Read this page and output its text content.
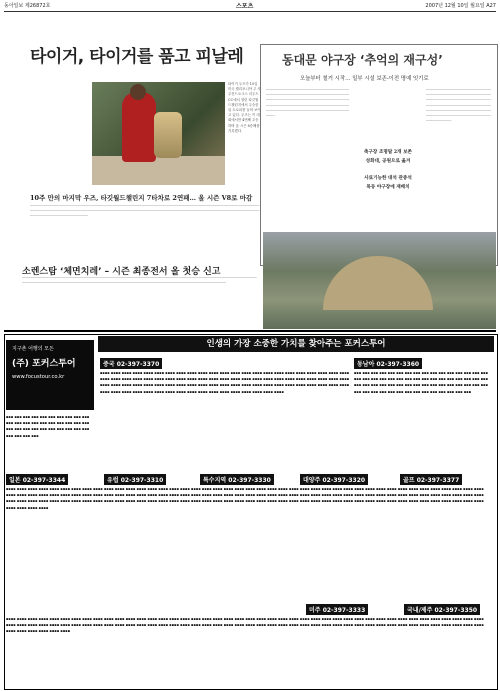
동아일보 제26872호	스포츠	2007년 12월 10일 월요일 A27
타이거, 타이거를 품고 피날레
타이거 우즈가 10일 미국 캘리포니아 주 사우전드오크스 셔우드CC에서 열린 타깃월드챌린지에서 우승한 뒤 트로피를 들어 보이고 있다. 우즈는 이 대회에서만 4번째 우승하며 올 시즌 8승째를 기록했다.
10주 만의 마지막 우즈, 타깃월드챌린지 7타차로 2연패… 올 시즌 V8로 마감
──────────────────────────────────────────────────────────────────────────────────────────────────────────────────────────────────────────────────────────────────────────────────────────────────────────────────────────────────────────────────────────────────────────────────────────────
동대문 야구장 ‘추억의 재구성’
오늘부터 철거 시작… 일부 시설 보존-이전 명예 잇기로
───────────────────────────────────────────────────────────────────────────────────────────────────────────────────────────────────────────────────────────────────────────────────────────────────────────────────────────────────────────
──────────────────────────────────────────────────────────────────────────────────────────────────────────────────────────────────────────────────────────────────────────────────────────────────────────────────────────────────────
축구장 조명탑 2개 보존
성화대, 공원으로 옮겨
사료기능한 대석 관중석
목동 야구장에 재배치
소렌스탐 ‘체면치레’ – 시즌 최종전서 올 첫승 신고
───────────────────────────────────────────────────────────────────────────────────────────────────────────────────────────────────────────────────────────────────────────────────────────────────────────────────────────────────────────────────
인생의 가장 소중한 가치를 찾아주는 포커스투어
지구촌 어행의 모든
(주) 포커스투어
www.focustour.co.kr
중국 02-397-3370	동남아 02-397-3360
일본 02-397-3344	유럽 02-397-3310	특수지역 02-397-3330	대양주 02-397-3320	골프 02-397-3377
미주 02-397-3333	국내/제주 02-397-3350
▪▪▪ ▪▪▪ ▪▪▪ ▪▪▪ ▪▪▪ ▪▪▪ ▪▪▪ ▪▪▪ ▪▪▪ ▪▪▪ ▪▪▪ ▪▪▪ ▪▪▪ ▪▪▪ ▪▪▪ ▪▪▪ ▪▪▪ ▪▪▪ ▪▪▪ ▪▪▪ ▪▪▪ ▪▪▪ ▪▪▪ ▪▪▪ ▪▪▪ ▪▪▪ ▪▪▪ ▪▪▪ ▪▪▪ ▪▪▪ ▪▪▪ ▪▪▪ ▪▪▪ ▪▪▪
▪▪▪▪ ▪▪▪▪ ▪▪▪▪ ▪▪▪▪ ▪▪▪▪ ▪▪▪▪ ▪▪▪▪ ▪▪▪▪ ▪▪▪▪ ▪▪▪▪ ▪▪▪▪ ▪▪▪▪ ▪▪▪▪ ▪▪▪▪ ▪▪▪▪ ▪▪▪▪ ▪▪▪▪ ▪▪▪▪ ▪▪▪▪ ▪▪▪▪ ▪▪▪▪ ▪▪▪▪ ▪▪▪▪ ▪▪▪▪ ▪▪▪▪ ▪▪▪▪ ▪▪▪▪ ▪▪▪▪ ▪▪▪▪ ▪▪▪▪ ▪▪▪▪ ▪▪▪▪ ▪▪▪▪ ▪▪▪▪ ▪▪▪▪ ▪▪▪▪ ▪▪▪▪ ▪▪▪▪ ▪▪▪▪ ▪▪▪▪ ▪▪▪▪ ▪▪▪▪ ▪▪▪▪ ▪▪▪▪ ▪▪▪▪ ▪▪▪▪ ▪▪▪▪ ▪▪▪▪ ▪▪▪▪ ▪▪▪▪ ▪▪▪▪ ▪▪▪▪ ▪▪▪▪ ▪▪▪▪ ▪▪▪▪ ▪▪▪▪ ▪▪▪▪ ▪▪▪▪ ▪▪▪▪ ▪▪▪▪ ▪▪▪▪ ▪▪▪▪ ▪▪▪▪ ▪▪▪▪ ▪▪▪▪ ▪▪▪▪ ▪▪▪▪ ▪▪▪▪ ▪▪▪▪ ▪▪▪▪ ▪▪▪▪ ▪▪▪▪ ▪▪▪▪ ▪▪▪▪ ▪▪▪▪ ▪▪▪▪ ▪▪▪▪ ▪▪▪▪ ▪▪▪▪ ▪▪▪▪ ▪▪▪▪ ▪▪▪▪ ▪▪▪▪ ▪▪▪▪ ▪▪▪▪ ▪▪▪▪
▪▪▪ ▪▪▪ ▪▪▪ ▪▪▪ ▪▪▪ ▪▪▪ ▪▪▪ ▪▪▪ ▪▪▪ ▪▪▪ ▪▪▪ ▪▪▪ ▪▪▪ ▪▪▪ ▪▪▪ ▪▪▪ ▪▪▪ ▪▪▪ ▪▪▪ ▪▪▪ ▪▪▪ ▪▪▪ ▪▪▪ ▪▪▪ ▪▪▪ ▪▪▪ ▪▪▪ ▪▪▪ ▪▪▪ ▪▪▪ ▪▪▪ ▪▪▪ ▪▪▪ ▪▪▪ ▪▪▪ ▪▪▪ ▪▪▪ ▪▪▪ ▪▪▪ ▪▪▪ ▪▪▪ ▪▪▪ ▪▪▪ ▪▪▪ ▪▪▪ ▪▪▪ ▪▪▪ ▪▪▪ ▪▪▪ ▪▪▪ ▪▪▪ ▪▪▪ ▪▪▪ ▪▪▪ ▪▪▪ ▪▪▪ ▪▪▪ ▪▪▪ ▪▪▪ ▪▪▪ ▪▪▪ ▪▪▪
▪▪▪▪ ▪▪▪▪ ▪▪▪▪ ▪▪▪▪ ▪▪▪▪ ▪▪▪▪ ▪▪▪▪ ▪▪▪▪ ▪▪▪▪ ▪▪▪▪ ▪▪▪▪ ▪▪▪▪ ▪▪▪▪ ▪▪▪▪ ▪▪▪▪ ▪▪▪▪ ▪▪▪▪ ▪▪▪▪ ▪▪▪▪ ▪▪▪▪ ▪▪▪▪ ▪▪▪▪ ▪▪▪▪ ▪▪▪▪ ▪▪▪▪ ▪▪▪▪ ▪▪▪▪ ▪▪▪▪ ▪▪▪▪ ▪▪▪▪ ▪▪▪▪ ▪▪▪▪ ▪▪▪▪ ▪▪▪▪ ▪▪▪▪ ▪▪▪▪ ▪▪▪▪ ▪▪▪▪ ▪▪▪▪ ▪▪▪▪ ▪▪▪▪ ▪▪▪▪ ▪▪▪▪ ▪▪▪▪ ▪▪▪▪ ▪▪▪▪ ▪▪▪▪ ▪▪▪▪ ▪▪▪▪ ▪▪▪▪ ▪▪▪▪ ▪▪▪▪ ▪▪▪▪ ▪▪▪▪ ▪▪▪▪ ▪▪▪▪ ▪▪▪▪ ▪▪▪▪ ▪▪▪▪ ▪▪▪▪ ▪▪▪▪ ▪▪▪▪ ▪▪▪▪ ▪▪▪▪ ▪▪▪▪ ▪▪▪▪ ▪▪▪▪ ▪▪▪▪ ▪▪▪▪ ▪▪▪▪ ▪▪▪▪ ▪▪▪▪ ▪▪▪▪ ▪▪▪▪ ▪▪▪▪ ▪▪▪▪ ▪▪▪▪ ▪▪▪▪ ▪▪▪▪ ▪▪▪▪ ▪▪▪▪ ▪▪▪▪ ▪▪▪▪ ▪▪▪▪ ▪▪▪▪ ▪▪▪▪ ▪▪▪▪ ▪▪▪▪ ▪▪▪▪ ▪▪▪▪ ▪▪▪▪ ▪▪▪▪ ▪▪▪▪ ▪▪▪▪ ▪▪▪▪ ▪▪▪▪ ▪▪▪▪ ▪▪▪▪ ▪▪▪▪ ▪▪▪▪ ▪▪▪▪ ▪▪▪▪ ▪▪▪▪ ▪▪▪▪ ▪▪▪▪ ▪▪▪▪ ▪▪▪▪ ▪▪▪▪ ▪▪▪▪ ▪▪▪▪ ▪▪▪▪ ▪▪▪▪ ▪▪▪▪ ▪▪▪▪ ▪▪▪▪ ▪▪▪▪ ▪▪▪▪ ▪▪▪▪ ▪▪▪▪ ▪▪▪▪ ▪▪▪▪ ▪▪▪▪ ▪▪▪▪ ▪▪▪▪ ▪▪▪▪ ▪▪▪▪ ▪▪▪▪ ▪▪▪▪ ▪▪▪▪ ▪▪▪▪ ▪▪▪▪ ▪▪▪▪ ▪▪▪▪ ▪▪▪▪ ▪▪▪▪ ▪▪▪▪
▪▪▪▪ ▪▪▪▪ ▪▪▪▪ ▪▪▪▪ ▪▪▪▪ ▪▪▪▪ ▪▪▪▪ ▪▪▪▪ ▪▪▪▪ ▪▪▪▪ ▪▪▪▪ ▪▪▪▪ ▪▪▪▪ ▪▪▪▪ ▪▪▪▪ ▪▪▪▪ ▪▪▪▪ ▪▪▪▪ ▪▪▪▪ ▪▪▪▪ ▪▪▪▪ ▪▪▪▪ ▪▪▪▪ ▪▪▪▪ ▪▪▪▪ ▪▪▪▪ ▪▪▪▪ ▪▪▪▪ ▪▪▪▪ ▪▪▪▪ ▪▪▪▪ ▪▪▪▪ ▪▪▪▪ ▪▪▪▪ ▪▪▪▪ ▪▪▪▪ ▪▪▪▪ ▪▪▪▪ ▪▪▪▪ ▪▪▪▪ ▪▪▪▪ ▪▪▪▪ ▪▪▪▪ ▪▪▪▪ ▪▪▪▪ ▪▪▪▪ ▪▪▪▪ ▪▪▪▪ ▪▪▪▪ ▪▪▪▪ ▪▪▪▪ ▪▪▪▪ ▪▪▪▪ ▪▪▪▪ ▪▪▪▪ ▪▪▪▪ ▪▪▪▪ ▪▪▪▪ ▪▪▪▪ ▪▪▪▪ ▪▪▪▪ ▪▪▪▪ ▪▪▪▪ ▪▪▪▪ ▪▪▪▪ ▪▪▪▪ ▪▪▪▪ ▪▪▪▪ ▪▪▪▪ ▪▪▪▪ ▪▪▪▪ ▪▪▪▪ ▪▪▪▪ ▪▪▪▪ ▪▪▪▪ ▪▪▪▪ ▪▪▪▪ ▪▪▪▪ ▪▪▪▪ ▪▪▪▪ ▪▪▪▪ ▪▪▪▪ ▪▪▪▪ ▪▪▪▪ ▪▪▪▪ ▪▪▪▪ ▪▪▪▪ ▪▪▪▪ ▪▪▪▪ ▪▪▪▪ ▪▪▪▪ ▪▪▪▪ ▪▪▪▪ ▪▪▪▪
